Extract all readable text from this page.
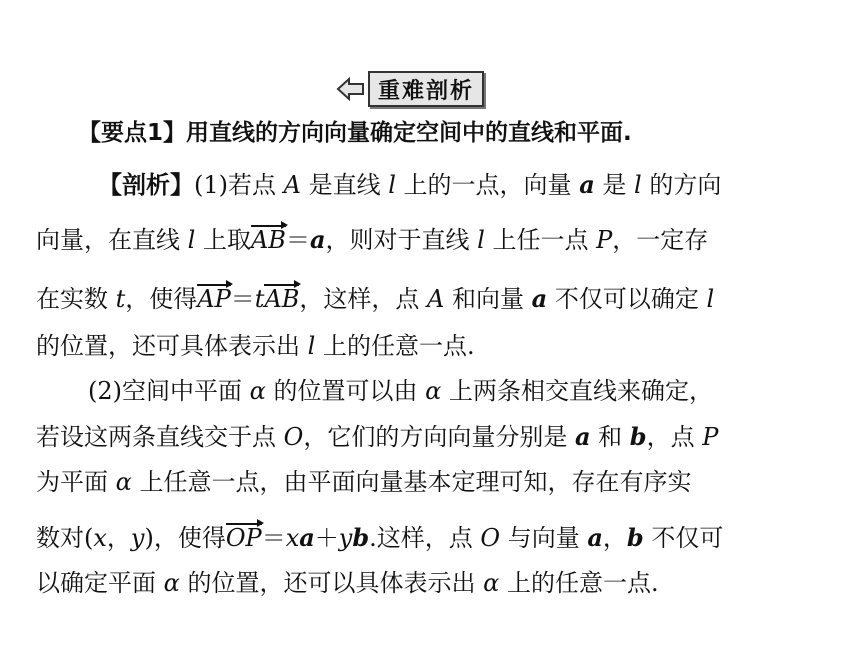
重难剖析
【要点1】用直线的方向向量确定空间中的直线和平面.
【剖析】(1)若点 A 是直线 l 上的一点，向量 a 是 l 的方向
向量，在直线 l 上取AB＝a，则对于直线 l 上任一点 P，一定存
在实数 t，使得AP＝tAB，这样，点 A 和向量 a 不仅可以确定 l
的位置，还可具体表示出 l 上的任意一点.
(2)空间中平面 α 的位置可以由 α 上两条相交直线来确定，
若设这两条直线交于点 O，它们的方向向量分别是 a 和 b，点 P
为平面 α 上任意一点，由平面向量基本定理可知，存在有序实
数对(x，y)，使得OP＝xa＋yb.这样，点 O 与向量 a，b 不仅可
以确定平面 α 的位置，还可以具体表示出 α 上的任意一点.
